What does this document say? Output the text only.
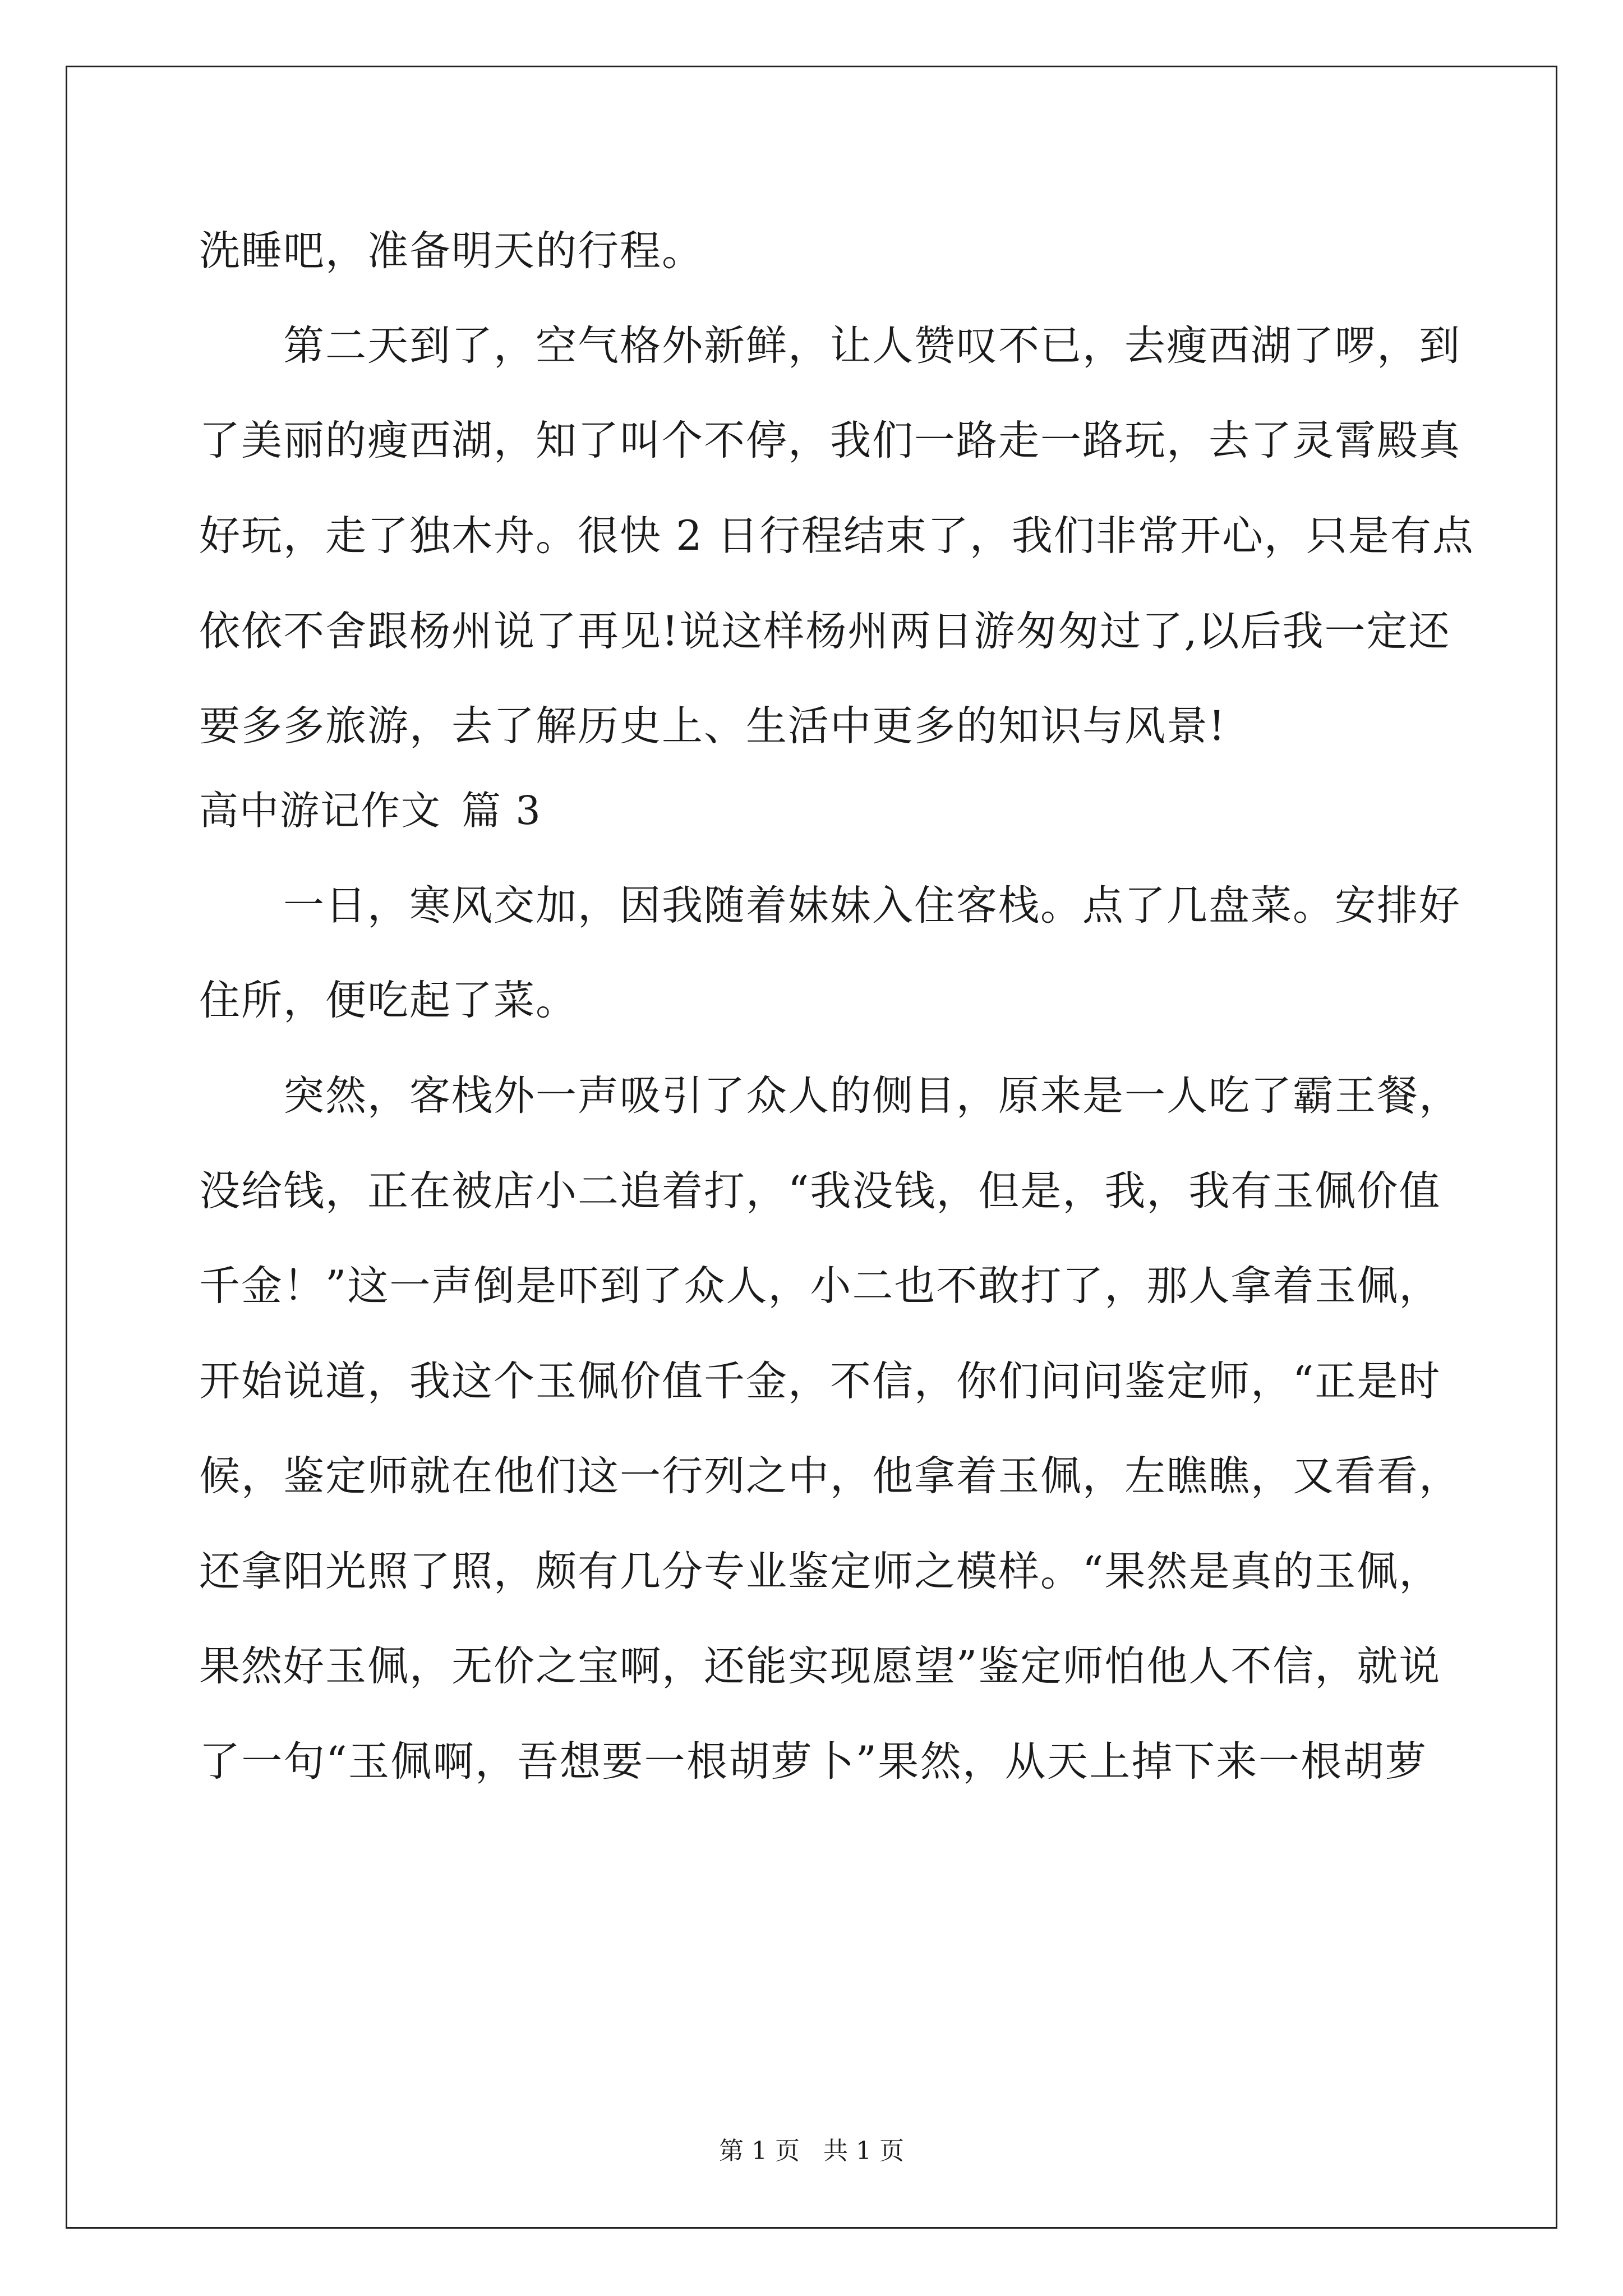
洗睡吧，准备明天的行程。
　　第二天到了，空气格外新鲜，让人赞叹不已，去瘦西湖了啰，到
了美丽的瘦西湖，知了叫个不停，我们一路走一路玩，去了灵霄殿真
好玩，走了独木舟。很快 2 日行程结束了，我们非常开心，只是有点
依依不舍跟杨州说了再见!说这样杨州两日游匆匆过了,以后我一定还
要多多旅游，去了解历史上、生活中更多的知识与风景!
高中游记作文 篇 3
　　一日，寒风交加，因我随着妹妹入住客栈。点了几盘菜。安排好
住所，便吃起了菜。
　　突然，客栈外一声吸引了众人的侧目，原来是一人吃了霸王餐，
没给钱，正在被店小二追着打，“我没钱，但是，我，我有玉佩价值
千金！”这一声倒是吓到了众人，小二也不敢打了，那人拿着玉佩，
开始说道，我这个玉佩价值千金，不信，你们问问鉴定师，“正是时
候，鉴定师就在他们这一行列之中，他拿着玉佩，左瞧瞧，又看看，
还拿阳光照了照，颇有几分专业鉴定师之模样。“果然是真的玉佩，
果然好玉佩，无价之宝啊，还能实现愿望”鉴定师怕他人不信，就说
了一句“玉佩啊，吾想要一根胡萝卜”果然，从天上掉下来一根胡萝
第 1 页 共 1 页
